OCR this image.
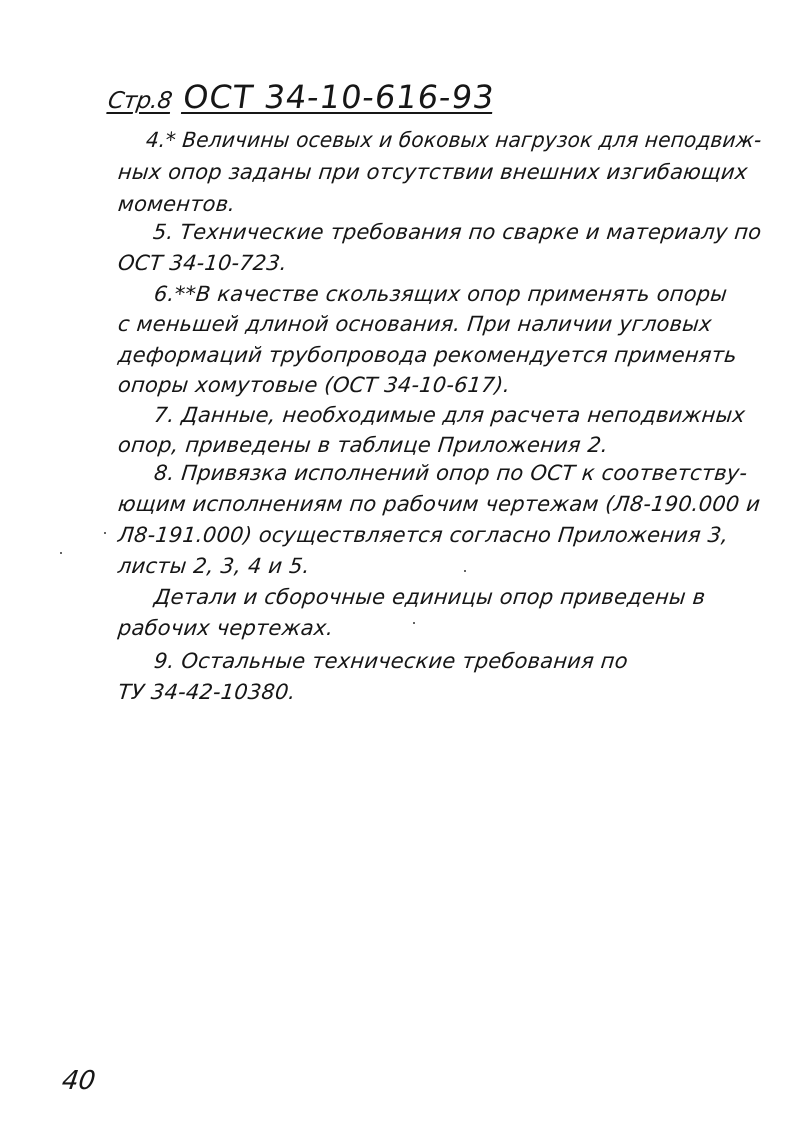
Стр.8 ОСТ 34-10-616-93
4.* Величины осевых и боковых нагрузок для неподвиж-
ных опор заданы при отсутствии внешних изгибающих
моментов.
5. Технические требования по сварке и материалу по
ОСТ 34-10-723.
6.**В качестве скользящих опор применять опоры
с меньшей длиной основания. При наличии угловых
деформаций трубопровода рекомендуется применять
опоры хомутовые (ОСТ 34-10-617).
7. Данные, необходимые для расчета неподвижных
опор, приведены в таблице Приложения 2.
8. Привязка исполнений опор по ОСТ к соответству-
ющим исполнениям по рабочим чертежам (Л8-190.000 и
Л8-191.000) осуществляется согласно Приложения 3,
листы 2, 3, 4 и 5.
Детали и сборочные единицы опор приведены в
рабочих чертежах.
9. Остальные технические требования по
ТУ 34-42-10380.
40
